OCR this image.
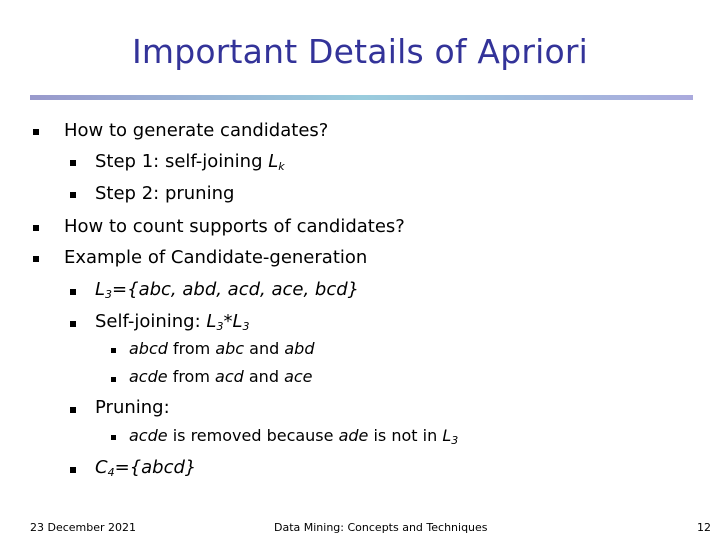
Important Details of Apriori
How to generate candidates?
Step 1: self-joining $L_k$
Step 2: pruning
How to count supports of candidates?
Example of Candidate-generation
$L_3=\{abc$, abd, acd, ace, bcd}
Self-joining: $L_3*L_3$
abcd from abc and abd
acde from acd and ace
Pruning:
acde is removed because ade is not in $L_3$
$C_4=\{abcd\}$
23 December 2021	Data Mining: Concepts and Techniques	12
